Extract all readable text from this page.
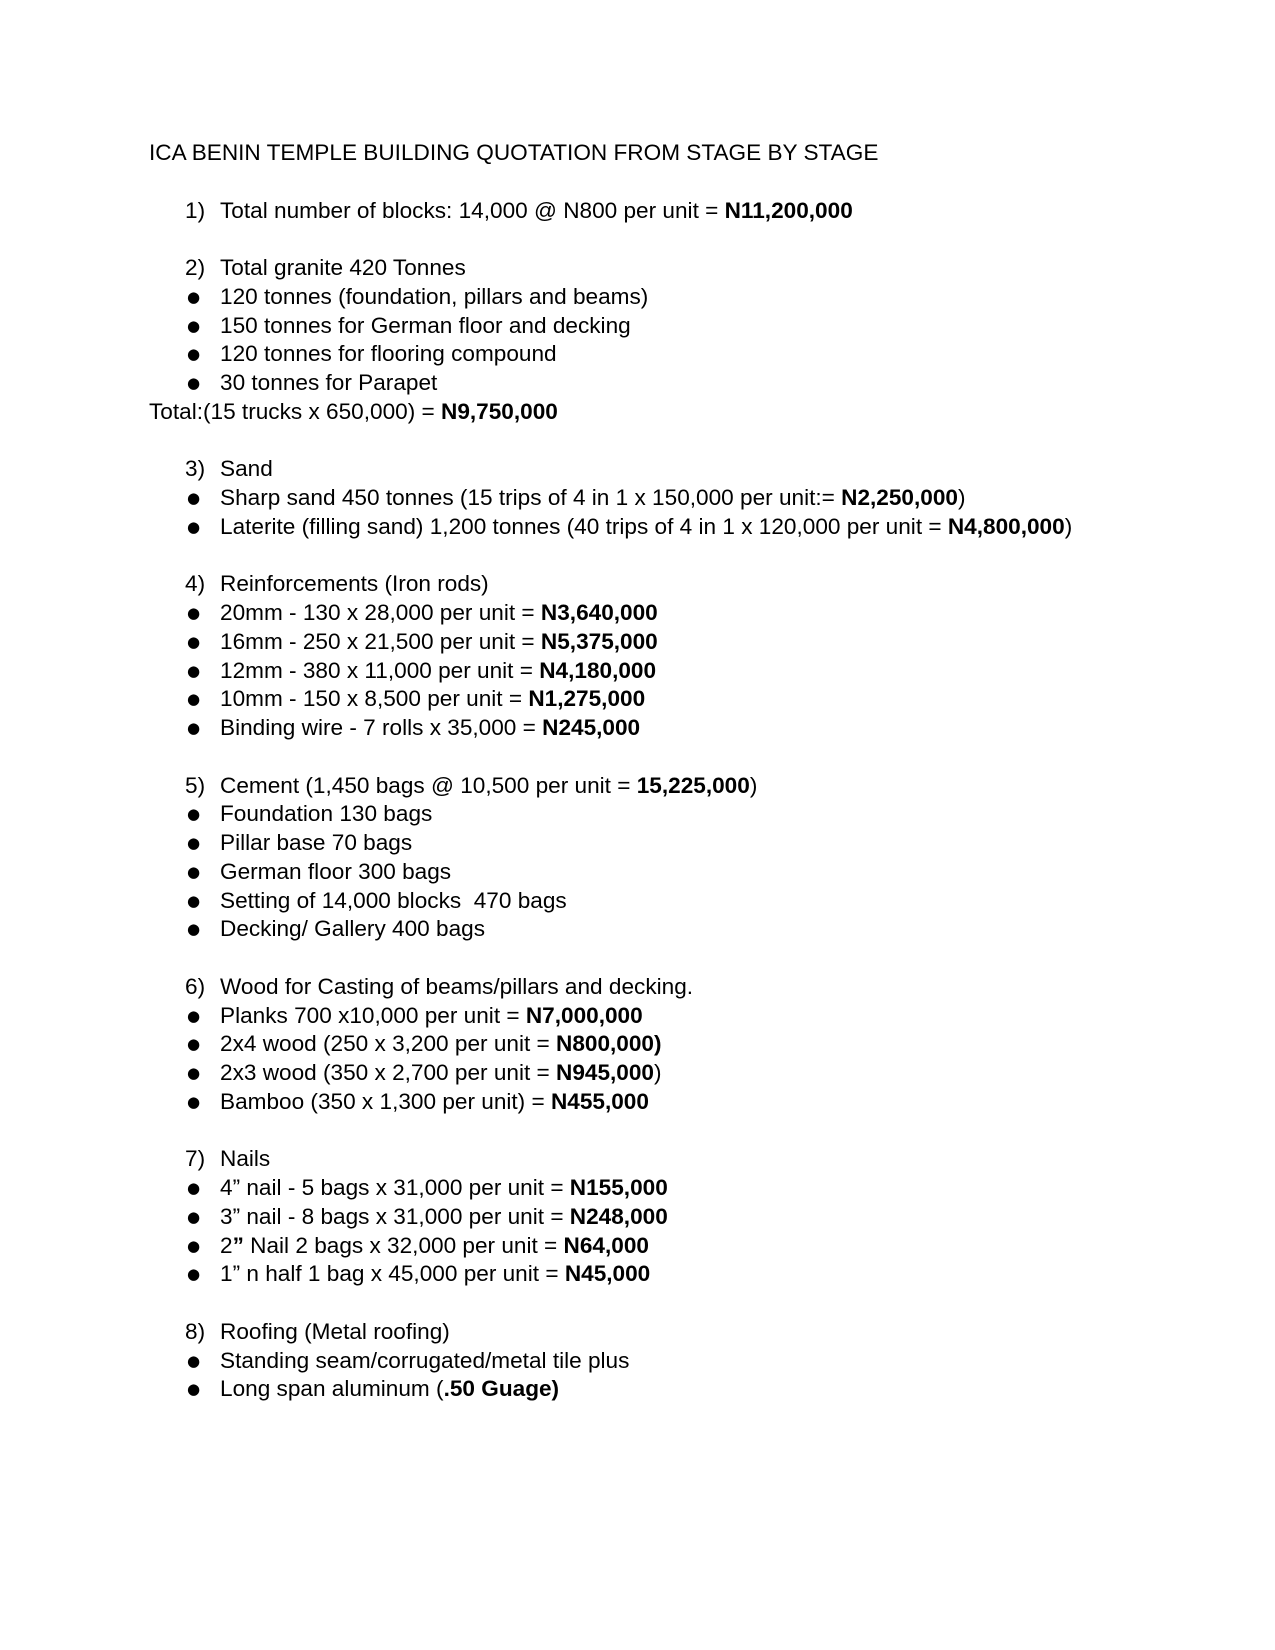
ICA BENIN TEMPLE BUILDING QUOTATION FROM STAGE BY STAGE
1) Total number of blocks: 14,000 @ N800 per unit = N11,200,000
2) Total granite 420 Tonnes
● 120 tonnes (foundation, pillars and beams)
● 150 tonnes for German floor and decking
● 120 tonnes for flooring compound
● 30 tonnes for Parapet
Total:(15 trucks x 650,000) = N9,750,000
3) Sand
● Sharp sand 450 tonnes (15 trips of 4 in 1 x 150,000 per unit:= N2,250,000)
● Laterite (filling sand) 1,200 tonnes (40 trips of 4 in 1 x 120,000 per unit = N4,800,000)
4) Reinforcements (Iron rods)
● 20mm - 130 x 28,000 per unit = N3,640,000
● 16mm - 250 x 21,500 per unit = N5,375,000
● 12mm - 380 x 11,000 per unit = N4,180,000
● 10mm - 150 x 8,500 per unit = N1,275,000
● Binding wire - 7 rolls x 35,000 = N245,000
5) Cement (1,450 bags @ 10,500 per unit = 15,225,000)
● Foundation 130 bags
● Pillar base 70 bags
● German floor 300 bags
● Setting of 14,000 blocks  470 bags
● Decking/ Gallery 400 bags
6) Wood for Casting of beams/pillars and decking.
● Planks 700 x10,000 per unit = N7,000,000
● 2x4 wood (250 x 3,200 per unit = N800,000)
● 2x3 wood (350 x 2,700 per unit = N945,000)
● Bamboo (350 x 1,300 per unit) = N455,000
7) Nails
● 4” nail - 5 bags x 31,000 per unit = N155,000
● 3” nail - 8 bags x 31,000 per unit = N248,000
● 2” Nail 2 bags x 32,000 per unit = N64,000
● 1” n half 1 bag x 45,000 per unit = N45,000
8) Roofing (Metal roofing)
● Standing seam/corrugated/metal tile plus
● Long span aluminum (.50 Guage)
